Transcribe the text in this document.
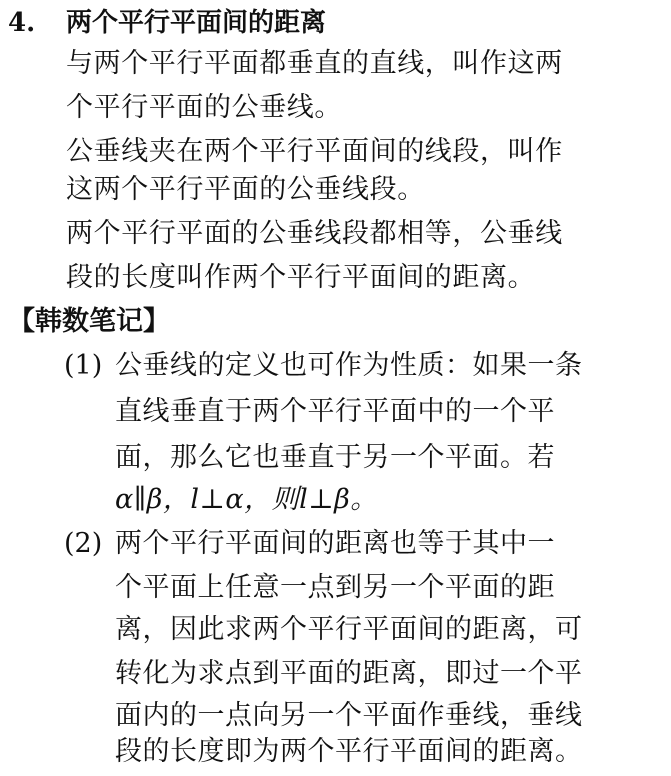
4. 两个平行平面间的距离
与两个平行平面都垂直的直线，叫作这两
个平行平面的公垂线。
公垂线夹在两个平行平面间的线段，叫作
这两个平行平面的公垂线段。
两个平行平面的公垂线段都相等，公垂线
段的长度叫作两个平行平面间的距离。
【韩数笔记】
(1) 公垂线的定义也可作为性质：如果一条
直线垂直于两个平行平面中的一个平
面，那么它也垂直于另一个平面。若
α∥β，l⊥α，则l⊥β。
(2) 两个平行平面间的距离也等于其中一
个平面上任意一点到另一个平面的距
离，因此求两个平行平面间的距离，可
转化为求点到平面的距离，即过一个平
面内的一点向另一个平面作垂线，垂线
段的长度即为两个平行平面间的距离。
